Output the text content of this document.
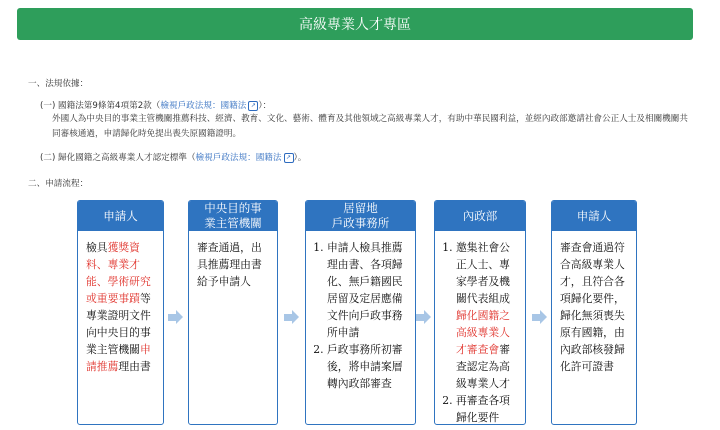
高級專業人才專區
一、法規依據：
(一) 國籍法第9條第4項第2款（檢視戶政法規：國籍法 ↗ ）：
外國人為中央目的事業主管機關推薦科技、經濟、教育、文化、藝術、體育及其他領域之高級專業人才，有助中華民國利益，並經內政部邀請社會公正人士及相關機關共
同審核通過，申請歸化時免提出喪失原國籍證明。
(二) 歸化國籍之高級專業人才認定標準（檢視戶政法規：國籍法 ↗ ）。
二、申請流程：
申請人
檢具獲獎資料、專業才能、學術研究或重要事蹟等專業證明文件向中央目的事業主管機關申請推薦理由書
中央目的事
業主管機關
審查通過，出具推薦理由書給予申請人
居留地
戶政事務所
1. 申請人檢具推薦理由書、各項歸化、無戶籍國民居留及定居應備文件向戶政事務所申請
2. 戶政事務所初審後，將申請案層轉內政部審查
內政部
1. 邀集社會公正人士、專家學者及機關代表組成歸化國籍之高級專業人才審查會審查認定為高級專業人才
2. 再審查各項歸化要件
申請人
審查會通過符合高級專業人才，且符合各項歸化要件，歸化無須喪失原有國籍，由內政部核發歸化許可證書
